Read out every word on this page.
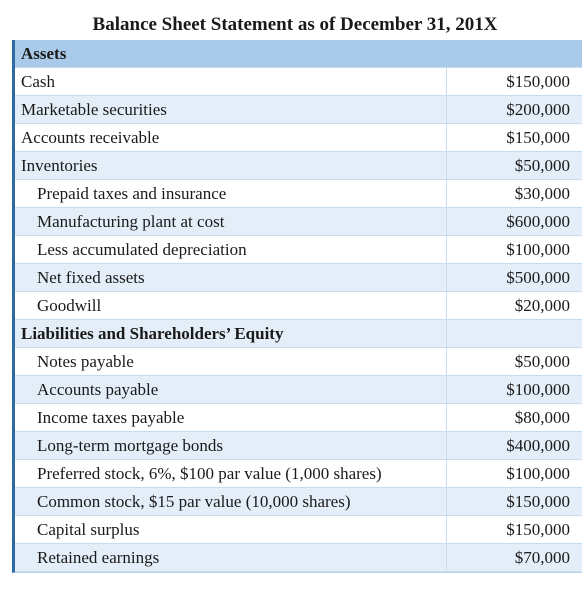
Balance Sheet Statement as of December 31, 201X
Assets
Cash	$150,000
Marketable securities	$200,000
Accounts receivable	$150,000
Inventories	$50,000
Prepaid taxes and insurance	$30,000
Manufacturing plant at cost	$600,000
Less accumulated depreciation	$100,000
Net fixed assets	$500,000
Goodwill	$20,000
Liabilities and Shareholders’ Equity
Notes payable	$50,000
Accounts payable	$100,000
Income taxes payable	$80,000
Long-term mortgage bonds	$400,000
Preferred stock, 6%, $100 par value (1,000 shares)	$100,000
Common stock, $15 par value (10,000 shares)	$150,000
Capital surplus	$150,000
Retained earnings	$70,000
